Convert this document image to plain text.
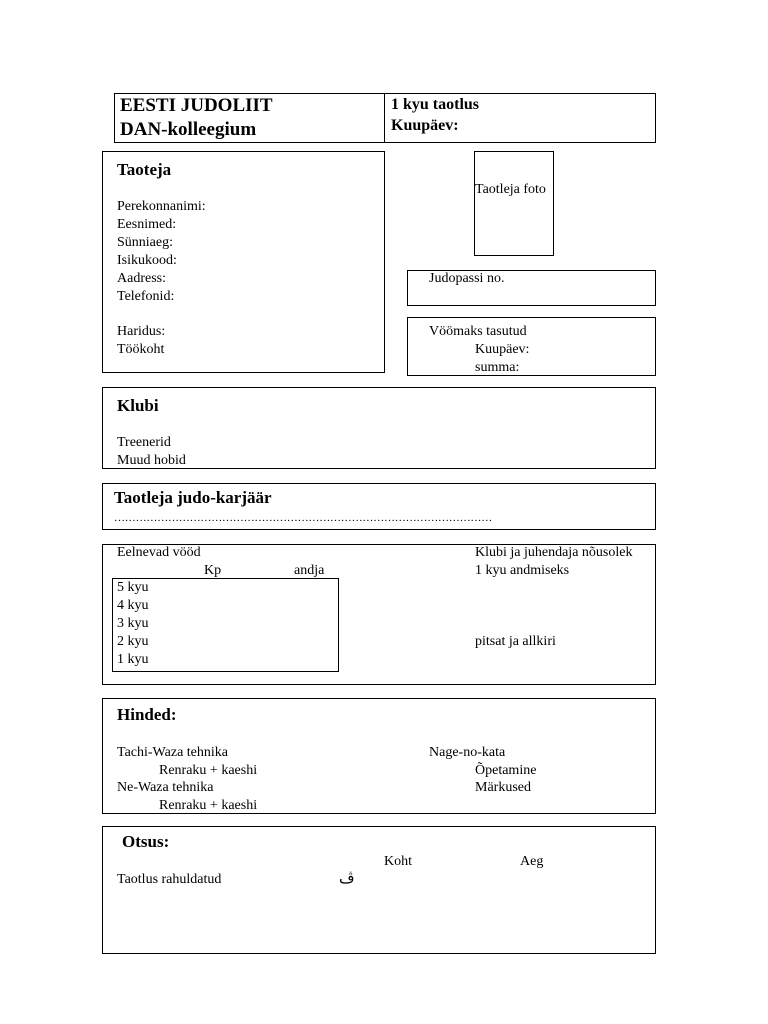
EESTI JUDOLIIT
DAN-kolleegium
1 kyu taotlus
Kuupäev:
Taoteja
Perekonnanimi:
Eesnimed:
Sünniaeg:
Isikukood:
Aadress:
Telefonid:
Haridus:
Töökoht
Taotleja foto
Judopassi no.
Vöömaks tasutud
Kuupäev:
summa:
Klubi
Treenerid
Muud hobid
Taotleja judo-karjäär
……………………………………………………………………………………………
Eelnevad vööd
Kp	andja
5 kyu
4 kyu
3 kyu
2 kyu
1 kyu
Klubi ja juhendaja nõusolek
1 kyu andmiseks
pitsat ja allkiri
Hinded:
Tachi-Waza tehnika
Renraku + kaeshi
Ne-Waza tehnika
Renraku + kaeshi
Nage-no-kata
Õpetamine
Märkused
Otsus:
Koht	Aeg
Taotlus rahuldatud	ڤ
